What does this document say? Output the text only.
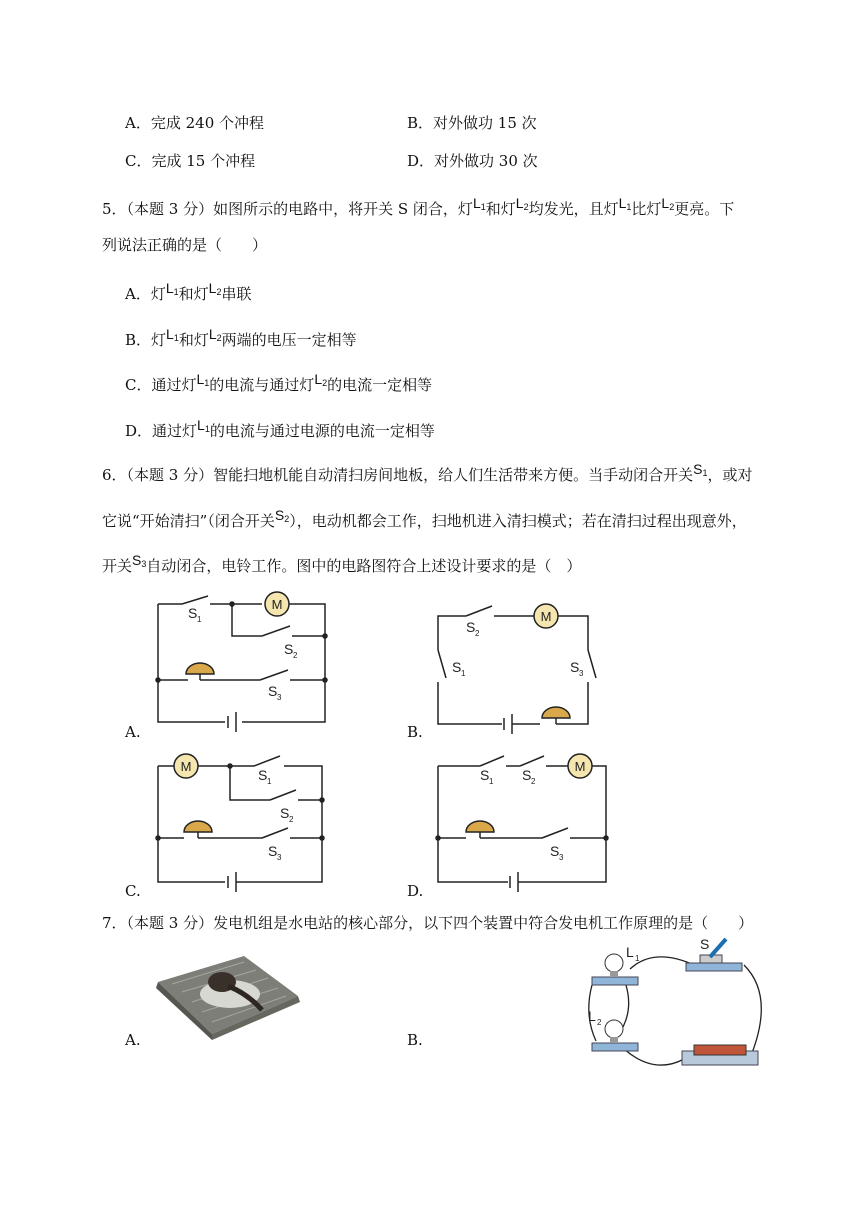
A．完成 240 个冲程	B．对外做功 15 次
C．完成 15 个冲程	D．对外做功 30 次
5．（本题 3 分）如图所示的电路中，将开关 S 闭合，灯$L_1$和灯$L_2$均发光，且灯$L_1$比灯$L_2$更亮。下
列说法正确的是（　　）
A．灯$L_1$和灯$L_2$串联
B．灯$L_1$和灯$L_2$两端的电压一定相等
C．通过灯$L_1$的电流与通过灯$L_2$的电流一定相等
D．通过灯$L_1$的电流与通过电源的电流一定相等
6．（本题 3 分）智能扫地机能自动清扫房间地板，给人们生活带来方便。当手动闭合开关$S_1$，或对
它说“开始清扫”（闭合开关$S_2$），电动机都会工作，扫地机进入清扫模式；若在清扫过程出现意外，
开关$S_3$自动闭合，电铃工作。图中的电路图符合上述设计要求的是（　）
M
S 1
S 2
S 3
A.
M
S 2
S 1	S 3
B.
M
S 1
S 2
S 3
C.
M
S 1 S 2
S 3
D.
7．（本题 3 分）发电机组是水电站的核心部分，以下四个装置中符合发电机工作原理的是（　　）
A.
L 1
L 2
S
B.
